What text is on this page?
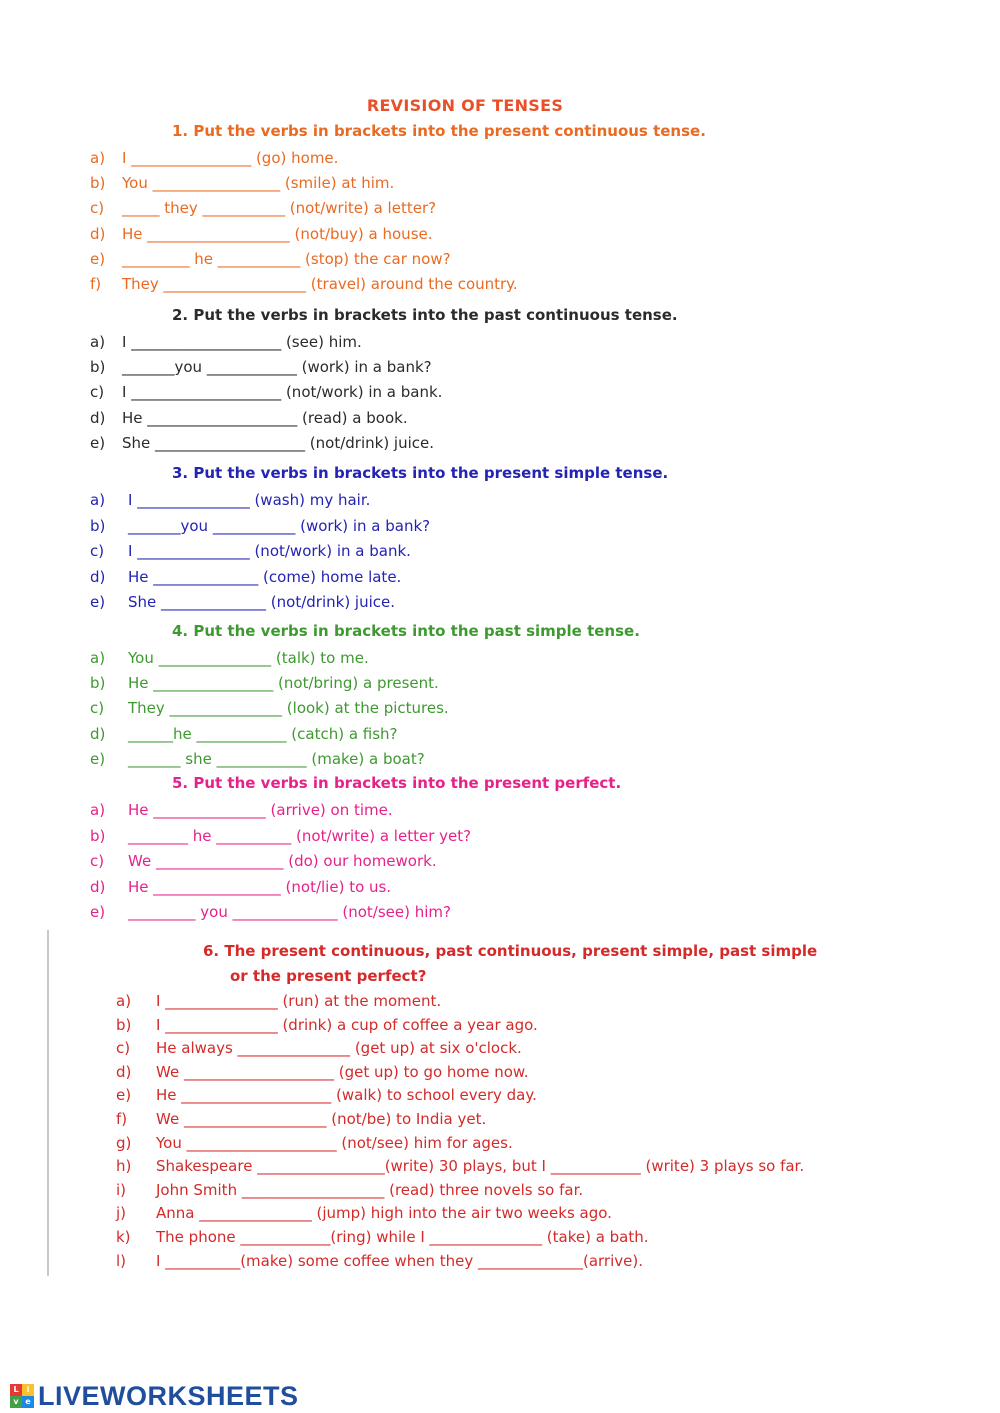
REVISION OF TENSES
1. Put the verbs in brackets into the present continuous tense.
a) I ________________ (go) home.
b) You _________________ (smile) at him.
c) _____ they ___________ (not/write) a letter?
d) He ___________________ (not/buy) a house.
e) _________ he ___________ (stop) the car now?
f) They ___________________ (travel) around the country.
2. Put the verbs in brackets into the past continuous tense.
a) I ____________________ (see) him.
b) _______you ____________ (work) in a bank?
c) I ____________________ (not/work) in a bank.
d) He ____________________ (read) a book.
e) She ____________________ (not/drink) juice.
3. Put the verbs in brackets into the present simple tense.
a) I _______________ (wash) my hair.
b) _______you ___________ (work) in a bank?
c) I _______________ (not/work) in a bank.
d) He ______________ (come) home late.
e) She ______________ (not/drink) juice.
4. Put the verbs in brackets into the past simple tense.
a) You _______________ (talk) to me.
b) He ________________ (not/bring) a present.
c) They _______________ (look) at the pictures.
d) ______he ____________ (catch) a fish?
e) _______ she ____________ (make) a boat?
5. Put the verbs in brackets into the present perfect.
a) He _______________ (arrive) on time.
b) ________ he __________ (not/write) a letter yet?
c) We _________________ (do) our homework.
d) He _________________ (not/lie) to us.
e) _________ you ______________ (not/see) him?
6. The present continuous, past continuous, present simple, past simple
or the present perfect?
a) I _______________ (run) at the moment.
b) I _______________ (drink) a cup of coffee a year ago.
c) He always _______________ (get up) at six o'clock.
d) We ____________________ (get up) to go home now.
e) He ____________________ (walk) to school every day.
f) We ___________________ (not/be) to India yet.
g) You ____________________ (not/see) him for ages.
h) Shakespeare _________________(write) 30 plays, but I ____________ (write) 3 plays so far.
i) John Smith ___________________ (read) three novels so far.
j) Anna _______________ (jump) high into the air two weeks ago.
k) The phone ____________(ring) while I _______________ (take) a bath.
l) I __________(make) some coffee when they ______________(arrive).
L	i
v e LIVEWORKSHEETS
